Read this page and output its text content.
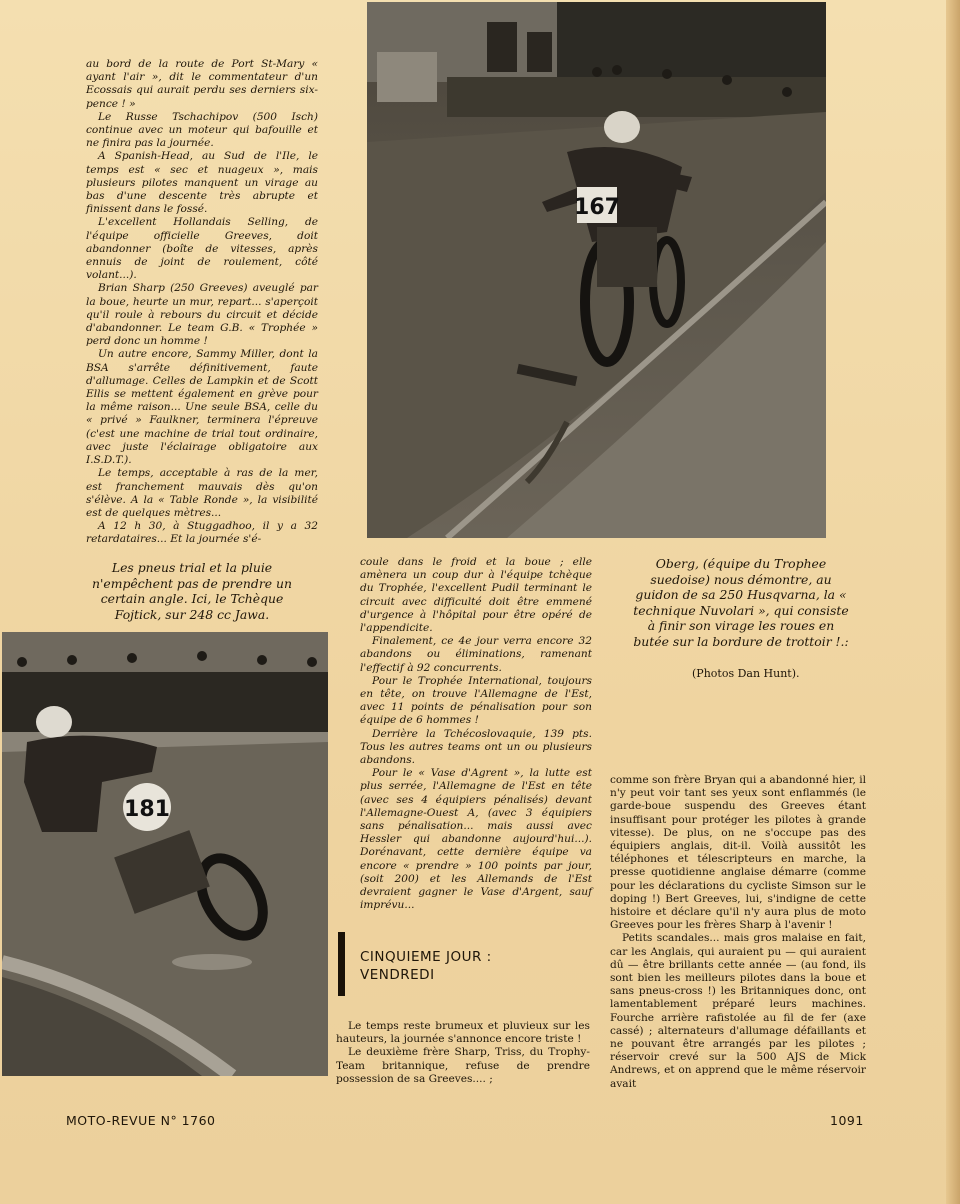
au bord de la route de Port St-Mary « ayant l'air », dit le commentateur d'un Ecossais qui aurait perdu ses derniers six-pence ! »

Le Russe Tschachipov (500 Isch) continue avec un moteur qui bafouille et ne finira pas la journée.

A Spanish-Head, au Sud de l'Ile, le temps est « sec et nuageux », mais plusieurs pilotes manquent un virage au bas d'une descente très abrupte et finissent dans le fossé.

L'excellent Hollandais Selling, de l'équipe officielle Greeves, doit abandonner (boîte de vitesses, après ennuis de joint de roulement, côté volant...).

Brian Sharp (250 Greeves) aveuglé par la boue, heurte un mur, repart... s'aperçoit qu'il roule à rebours du circuit et décide d'abandonner. Le team G.B. « Trophée » perd donc un homme !

Un autre encore, Sammy Miller, dont la BSA s'arrête définitivement, faute d'allumage. Celles de Lampkin et de Scott Ellis se mettent également en grève pour la même raison... Une seule BSA, celle du « privé » Faulkner, terminera l'épreuve (c'est une machine de trial tout ordinaire, avec juste l'éclairage obligatoire aux I.S.D.T.).

Le temps, acceptable à ras de la mer, est franchement mauvais dès qu'on s'élève. A la « Table Ronde », la visibilité est de quelques mètres...

A 12 h 30, à Stuggadhoo, il y a 32 retardataires... Et la journée s'é-

Les pneus trial et la pluie n'empêchent pas de prendre un certain angle. Ici, le Tchèque Fojtick, sur 248 cc Jawa.

167

coule dans le froid et la boue ; elle amènera un coup dur à l'équipe tchèque du Trophée, l'excellent Pudil terminant le circuit avec difficulté doit être emmené d'urgence à l'hôpital pour être opéré de l'appendicite.

Finalement, ce 4e jour verra encore 32 abandons ou éliminations, ramenant l'effectif à 92 concurrents.

Pour le Trophée International, toujours en tête, on trouve l'Allemagne de l'Est, avec 11 points de pénalisation pour son équipe de 6 hommes !

Derrière la Tchécoslovaquie, 139 pts. Tous les autres teams ont un ou plusieurs abandons.

Pour le « Vase d'Agrent », la lutte est plus serrée, l'Allemagne de l'Est en tête (avec ses 4 équipiers pénalisés) devant l'Allemagne-Ouest A, (avec 3 équipiers sans pénalisation... mais aussi avec Hessler qui abandonne aujourd'hui...). Dorénavant, cette dernière équipe va encore « prendre » 100 points par jour, (soit 200) et les Allemands de l'Est devraient gagner le Vase d'Argent, sauf imprévu...

Oberg, (équipe du Trophee suedoise) nous démontre, au guidon de sa 250 Husqvarna, la « technique Nuvolari », qui consiste à finir son virage les roues en butée sur la bordure de trottoir !.:

(Photos Dan Hunt).

181

CINQUIEME JOUR :
VENDREDI

Le temps reste brumeux et pluvieux sur les hauteurs, la journée s'annonce encore triste !

Le deuxième frère Sharp, Triss, du Trophy-Team britannique, refuse de prendre possession de sa Greeves.... ;

comme son frère Bryan qui a abandonné hier, il n'y peut voir tant ses yeux sont enflammés (le garde-boue suspendu des Greeves étant insuffisant pour protéger les pilotes à grande vitesse). De plus, on ne s'occupe pas des équipiers anglais, dit-il. Voilà aussitôt les téléphones et télescripteurs en marche, la presse quotidienne anglaise démarre (comme pour les déclarations du cycliste Simson sur le doping !) Bert Greeves, lui, s'indigne de cette histoire et déclare qu'il n'y aura plus de moto Greeves pour les frères Sharp à l'avenir !

Petits scandales... mais gros malaise en fait, car les Anglais, qui auraient pu — qui auraient dû — être brillants cette année — (au fond, ils sont bien les meilleurs pilotes dans la boue et sans pneus-cross !) les Britanniques donc, ont lamentablement préparé leurs machines. Fourche arrière rafistolée au fil de fer (axe cassé) ; alternateurs d'allumage défaillants et ne pouvant être arrangés par les pilotes ; réservoir crevé sur la 500 AJS de Mick Andrews, et on apprend que le même réservoir avait

MOTO-REVUE N° 1760	1091
